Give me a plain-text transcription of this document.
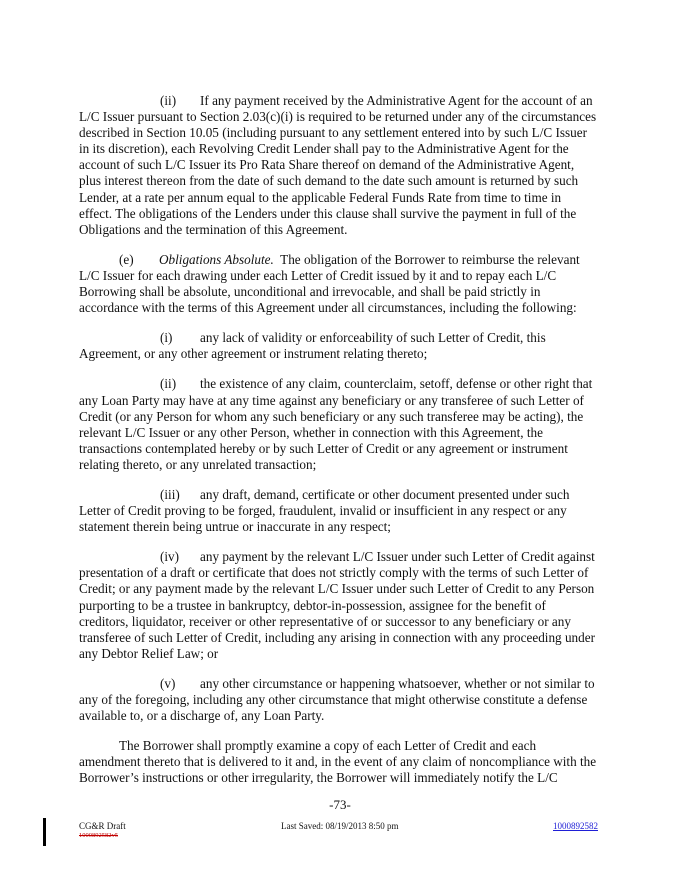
(ii) If any payment received by the Administrative Agent for the account of an L/C Issuer pursuant to Section 2.03(c)(i) is required to be returned under any of the circumstances described in Section 10.05 (including pursuant to any settlement entered into by such L/C Issuer in its discretion), each Revolving Credit Lender shall pay to the Administrative Agent for the account of such L/C Issuer its Pro Rata Share thereof on demand of the Administrative Agent, plus interest thereon from the date of such demand to the date such amount is returned by such Lender, at a rate per annum equal to the applicable Federal Funds Rate from time to time in effect. The obligations of the Lenders under this clause shall survive the payment in full of the Obligations and the termination of this Agreement.

(e) Obligations Absolute. The obligation of the Borrower to reimburse the relevant L/C Issuer for each drawing under each Letter of Credit issued by it and to repay each L/C Borrowing shall be absolute, unconditional and irrevocable, and shall be paid strictly in accordance with the terms of this Agreement under all circumstances, including the following:

(i) any lack of validity or enforceability of such Letter of Credit, this Agreement, or any other agreement or instrument relating thereto;

(ii) the existence of any claim, counterclaim, setoff, defense or other right that any Loan Party may have at any time against any beneficiary or any transferee of such Letter of Credit (or any Person for whom any such beneficiary or any such transferee may be acting), the relevant L/C Issuer or any other Person, whether in connection with this Agreement, the transactions contemplated hereby or by such Letter of Credit or any agreement or instrument relating thereto, or any unrelated transaction;

(iii) any draft, demand, certificate or other document presented under such Letter of Credit proving to be forged, fraudulent, invalid or insufficient in any respect or any statement therein being untrue or inaccurate in any respect;

(iv) any payment by the relevant L/C Issuer under such Letter of Credit against presentation of a draft or certificate that does not strictly comply with the terms of such Letter of Credit; or any payment made by the relevant L/C Issuer under such Letter of Credit to any Person purporting to be a trustee in bankruptcy, debtor-in-possession, assignee for the benefit of creditors, liquidator, receiver or other representative of or successor to any beneficiary or any transferee of such Letter of Credit, including any arising in connection with any proceeding under any Debtor Relief Law; or

(v) any other circumstance or happening whatsoever, whether or not similar to any of the foregoing, including any other circumstance that might otherwise constitute a defense available to, or a discharge of, any Loan Party.

The Borrower shall promptly examine a copy of each Letter of Credit and each amendment thereto that is delivered to it and, in the event of any claim of noncompliance with the Borrower’s instructions or other irregularity, the Borrower will immediately notify the L/C

-73-
CG&R Draft
1000892582v5
Last Saved: 08/19/2013 8:50 pm	1000892582
